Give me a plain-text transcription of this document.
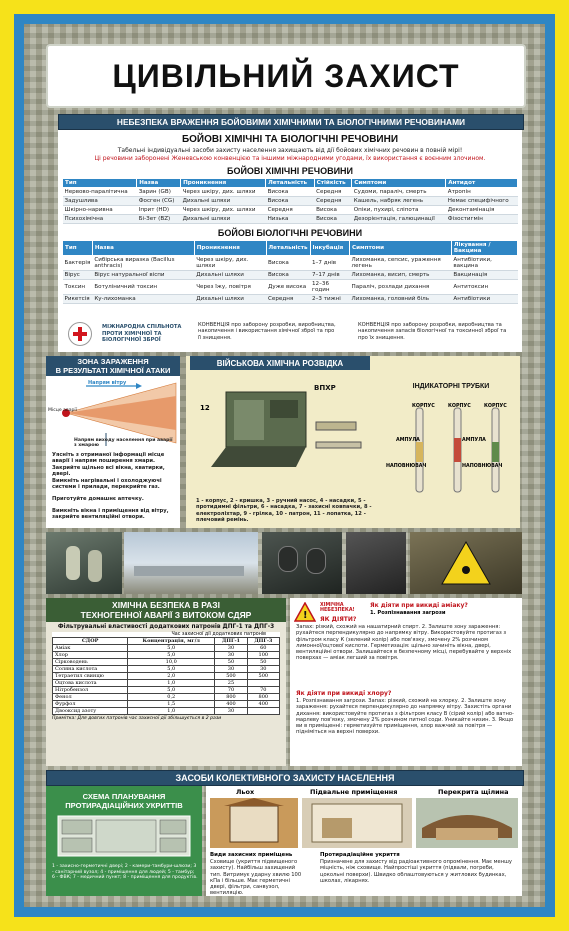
ЦИВІЛЬНИЙ ЗАХИСТ
НЕБЕЗПЕКА ВРАЖЕННЯ БОЙОВИМИ ХІМІЧНИМИ ТА БІОЛОГІЧНИМИ РЕЧОВИНАМИ
БОЙОВІ ХІМІЧНІ ТА БІОЛОГІЧНІ РЕЧОВИНИ
Табельні індивідуальні засоби захисту населення захищають від дії бойових хімічних речовин в повній мірі!
Ці речовини заборонені Женевською конвенцією та іншими міжнародними угодами, їх використання є воєнним злочином.
БОЙОВІ ХІМІЧНІ РЕЧОВИНИ
Тип	Назва	Проникнення	Летальність	Стійкість	Симптоми	Антидот
Нервово-паралітична	Зарин (GB)	Через шкіру, дих. шляхи	Висока	Середня	Судоми, параліч, смерть	Атропін
Задушлива	Фосген (CG)	Дихальні шляхи	Висока	Середня	Кашель, набряк легень	Немає специфічного
Шкірно-наривна	Іприт (HD)	Через шкіру, дих. шляхи	Середня	Висока	Опіки, пухирі, сліпота	Деконтамінація
Психохімічна	Бі-Зет (BZ)	Дихальні шляхи	Низька	Висока	Дезорієнтація, галюцинації	Фізостигмін
БОЙОВІ БІОЛОГІЧНІ РЕЧОВИНИ
Тип	Назва	Проникнення	Летальність	Інкубація	Симптоми	Лікування / Вакцина
Бактерія	Сибірська виразка (Bacillus anthracis)	Через шкіру, дих. шляхи	Висока	1–7 днів	Лихоманка, сепсис, ураження легень	Антибіотики, вакцина
Вірус	Вірус натуральної віспи	Дихальні шляхи	Висока	7–17 днів	Лихоманка, висип, смерть	Вакцинація
Токсин	Ботуліничний токсин	Через їжу, повітря	Дуже висока	12–36 годин	Параліч, розлади дихання	Антитоксин
Рикетсія	Ку-лихоманка	Дихальні шляхи	Середня	2–3 тижні	Лихоманка, головний біль	Антибіотики
МІЖНАРОДНА СПІЛЬНОТА ПРОТИ ХІМІЧНОЇ ТА БІОЛОГІЧНОЇ ЗБРОЇ
КОНВЕНЦІЯ про заборону розробки, виробництва, накопичення і використання хімічної зброї та про її знищення.
КОНВЕНЦІЯ про заборону розробки, виробництва та накопичення запасів біологічної та токсинної зброї та про їх знищення.
ЗОНА ЗАРАЖЕННЯ
В РЕЗУЛЬТАТІ ХІМІЧНОЇ АТАКИ
Напрям вітру
Місце аварії
Напрям виходу населення при аварії з хмарою
Уясніть з отриманої інформації місце аварії і напрям поширення хмари. Закрийте щільно всі вікна, кватирки, двері.
Вимкніть нагрівальні і охолоджуючі системи і прилади, перекрийте газ.
Приготуйте домашнє аптечку.
Вимкніть вікна і приміщення від вітру, закрийте вентиляційні отвори.
ВІЙСЬКОВА ХІМІЧНА РОЗВІДКА
12
ВПХР	ІНДИКАТОРНІ ТРУБКИ
КОРПУС	КОРПУС	КОРПУС
АМПУЛА	АМПУЛА
НАПОВНЮВАЧ	НАПОВНЮВАЧ
1 - корпус, 2 - кришка, 3 - ручний насос, 4 - насадки, 5 - протидимні фільтри, 6 - насадка, 7 - захисні ковпачки, 8 - електроліхтар, 9 - грілка, 10 - патрон, 11 - лопатка, 12 - плечовий ремінь.
ХІМІЧНА БЕЗПЕКА В РАЗІ
ТЕХНОГЕННОЇ АВАРІЇ З ВИТОКОМ СДЯР
Фільтрувальні властивості додаткових патронів ДПГ-1 та ДПГ-3
Час захисної дії додаткових патронів
СДОР	Концентрація, мг/л	ДПГ-1	ДПГ-3
Аміак	5,0	30	60
Хлор	5,0	30	100
Сірководень	10,0	50	50
Соляна кислота	5,0	30	30
Тетраетил свинцю	2,0	500	500
Оцтова кислота	1,0	25	
Нітробензол	5,0	70	70
Фенол	0,2	800	800
Фурфол	1,5	400	400
Двооксид азоту	1,0	30	
Примітка: Для довгих патронів час захисної дії збільшується в 2 рази
!
ХІМІЧНА НЕБЕЗПЕКА!
ЯК ДІЯТИ?
Як діяти при викиді аміаку?
1. Розпізнавання загрози
Запах: різкий, схожий на нашатирний спирт. 2. Залиште зону зараження: рухайтеся перпендикулярно до напрямку вітру. Використовуйте протигаз з фільтром класу К (зелений колір) або пов'язку, змочену 2% розчином лимонної/оцтової кислоти. Герметизація: щільно зачиніть вікна, двері, вентиляційні отвори. Залишайтеся в безпечному місці, перебувайте у верхніх поверхах — аміак легший за повітря.
Як діяти при викиді хлору?
1. Розпізнавання загрози. Запах: різкий, схожий на хлорку. 2. Залиште зону зараження: рухайтеся перпендикулярно до напрямку вітру. Захистіть органи дихання: використовуйте протигаз з фільтром класу В (сірий колір) або ватно-марлеву пов'язку, змочену 2% розчином питної соди. Уникайте низин. 3. Якщо ви в приміщенні: герметизуйте приміщення, хлор важчий за повітря — підніміться на верхні поверхи.
ЗАСОБИ КОЛЕКТИВНОГО ЗАХИСТУ НАСЕЛЕННЯ
СХЕМА ПЛАНУВАННЯ
ПРОТИРАДІАЦІЙНИХ УКРИТТІВ
1 - захисно-герметичні двері; 2 - камери-тамбури-шлюзи; 3 - санітарний вузол; 4 - приміщення для людей; 5 - тамбур; 6 - ФВК; 7 - медичний пункт; 8 - приміщення для продуктів.
Льох	Підвальне приміщення	Перекрита щілина
Види захисних приміщень
Сховище (укриття підвищеного захисту). Найбільш захищений тип. Витримує ударну хвилю 100 кПа і більше. Має герметичні двері, фільтри, санвузол, вентиляцію.
Протирадіаційне укриття
Призначене для захисту від радіоактивного опромінення. Має меншу міцність, ніж сховище. Найпростіші укриття (підвали, погреби, цокольні поверхи). Швидко облаштовуються у житлових будинках, школах, лікарнях.
